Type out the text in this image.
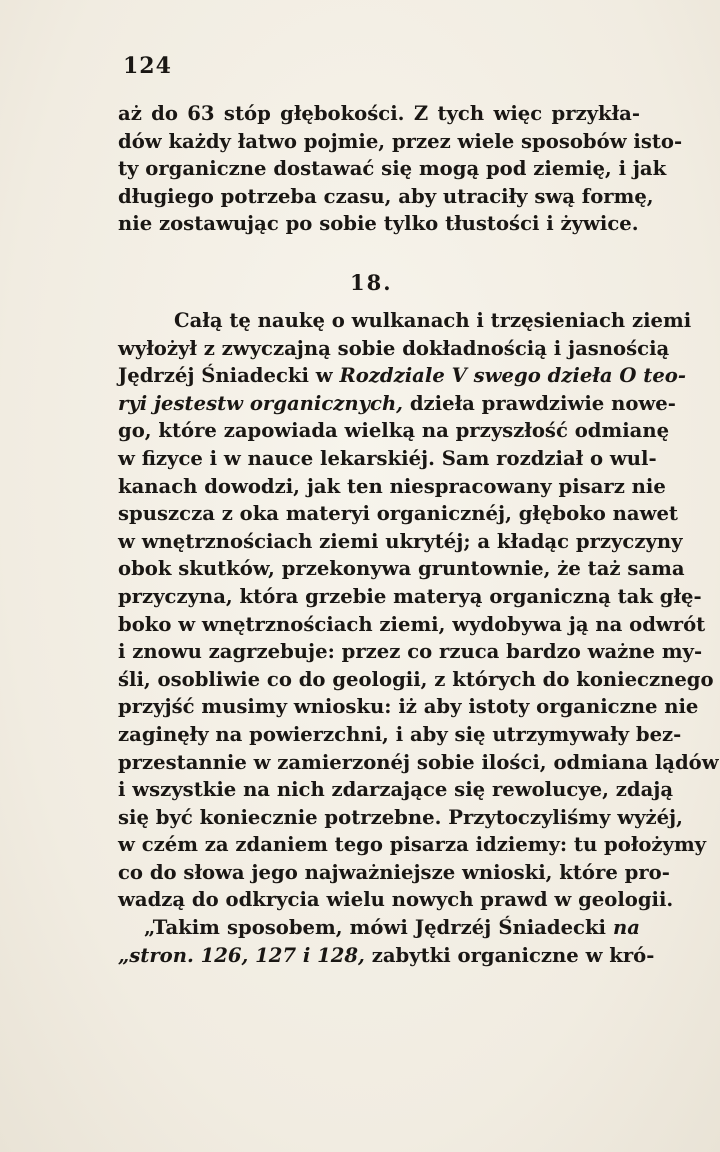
124
aż do 63 stóp głębokości. Z tych więc przykła-
dów każdy łatwo pojmie, przez wiele sposobów isto-
ty organiczne dostawać się mogą pod ziemię, i jak
długiego potrzeba czasu, aby utraciły swą formę,
nie zostawując po sobie tylko tłustości i żywice.
18.
Całą tę naukę o wulkanach i trzęsieniach ziemi
wyłożył z zwyczajną sobie dokładnością i jasnością
Jędrzéj Śniadecki w Rozdziale V swego dzieła O teo-
ryi jestestw organicznych, dzieła prawdziwie nowe-
go, które zapowiada wielką na przyszłość odmianę
w fizyce i w nauce lekarskiéj. Sam rozdział o wul-
kanach dowodzi, jak ten niespracowany pisarz nie
spuszcza z oka materyi organicznéj, głęboko nawet
w wnętrznościach ziemi ukrytéj; a kładąc przyczyny
obok skutków, przekonywa gruntownie, że taż sama
przyczyna, która grzebie materyą organiczną tak głę-
boko w wnętrznościach ziemi, wydobywa ją na odwrót
i znowu zagrzebuje: przez co rzuca bardzo ważne my-
śli, osobliwie co do geologii, z których do koniecznego
przyjść musimy wniosku: iż aby istoty organiczne nie
zaginęły na powierzchni, i aby się utrzymywały bez-
przestannie w zamierzonéj sobie ilości, odmiana lądów
i wszystkie na nich zdarzające się rewolucye, zdają
się być koniecznie potrzebne. Przytoczyliśmy wyżéj,
w czém za zdaniem tego pisarza idziemy: tu położymy
co do słowa jego najważniejsze wnioski, które pro-
wadzą do odkrycia wielu nowych prawd w geologii.
„Takim sposobem, mówi Jędrzéj Śniadecki na
„stron. 126, 127 i 128, zabytki organiczne w kró-
